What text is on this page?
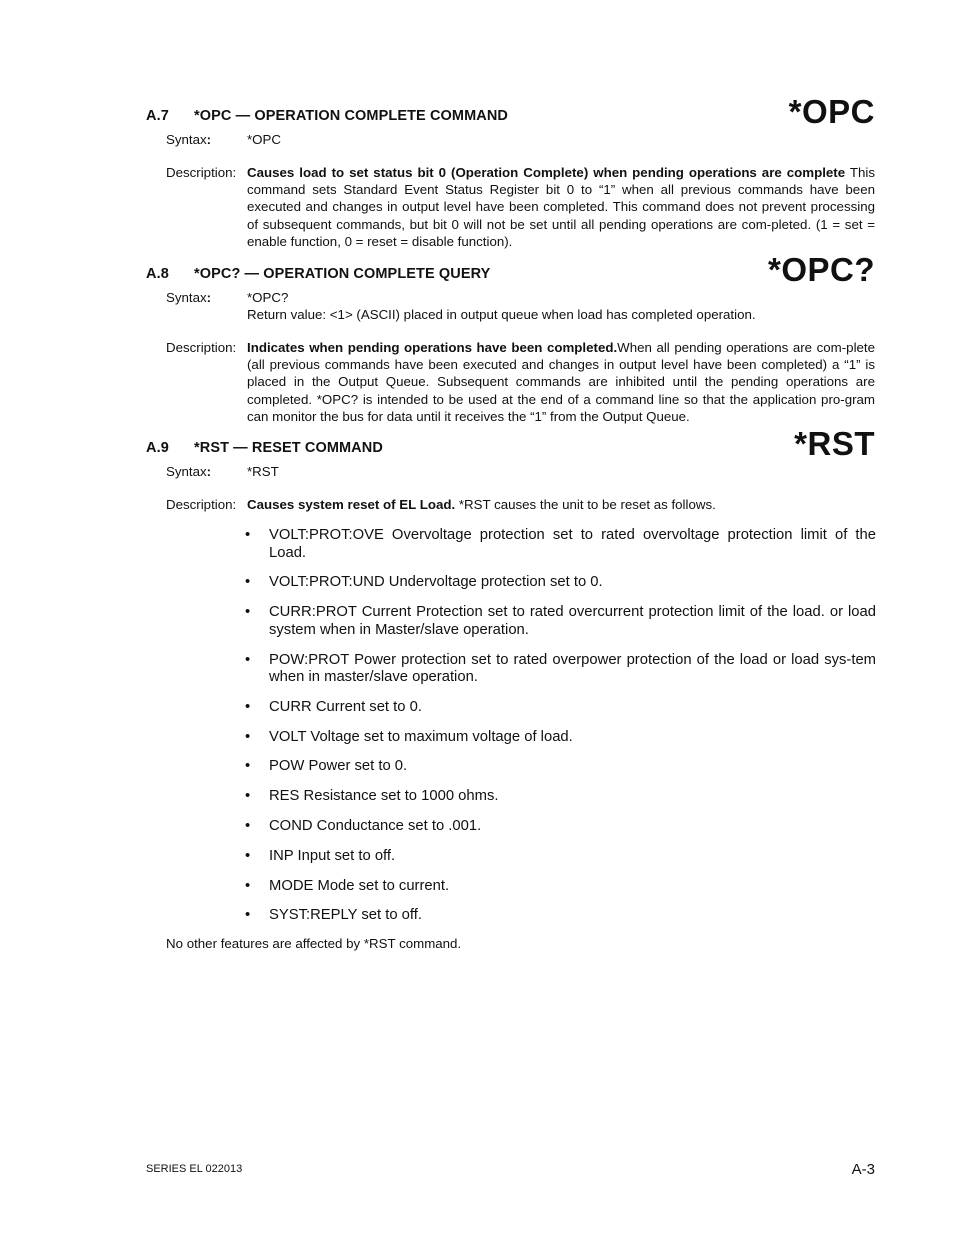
A.7 *OPC — OPERATION COMPLETE COMMAND	*OPC
Syntax:	*OPC
Description: Causes load to set status bit 0 (Operation Complete) when pending operations are complete This command sets Standard Event Status Register bit 0 to “1” when all previous commands have been executed and changes in output level have been completed. This command does not prevent processing of subsequent commands, but bit 0 will not be set until all pending operations are com-pleted. (1 = set = enable function, 0 = reset = disable function).
A.8 *OPC? — OPERATION COMPLETE QUERY	*OPC?
Syntax:	*OPC?
Return value: <1> (ASCII) placed in output queue when load has completed operation.
Description: Indicates when pending operations have been completed.When all pending operations are com-plete (all previous commands have been executed and changes in output level have been completed) a “1” is placed in the Output Queue. Subsequent commands are inhibited until the pending operations are completed. *OPC? is intended to be used at the end of a command line so that the application pro-gram can monitor the bus for data until it receives the “1” from the Output Queue.
A.9 *RST — RESET COMMAND	*RST
Syntax:	*RST
Description: Causes system reset of EL Load. *RST causes the unit to be reset as follows.
•	VOLT:PROT:OVE Overvoltage protection set to rated overvoltage protection limit of the Load.
•	VOLT:PROT:UND Undervoltage protection set to 0.
•	CURR:PROT Current Protection set to rated overcurrent protection limit of the load. or load system when in Master/slave operation.
•	POW:PROT Power protection set to rated overpower protection of the load or load sys-tem when in master/slave operation.
•	CURR Current set to 0.
•	VOLT Voltage set to maximum voltage of load.
•	POW Power set to 0.
•	RES Resistance set to 1000 ohms.
•	COND Conductance set to .001.
•	INP Input set to off.
•	MODE Mode set to current.
•	SYST:REPLY set to off.
No other features are affected by *RST command.
SERIES EL 022013	A-3
